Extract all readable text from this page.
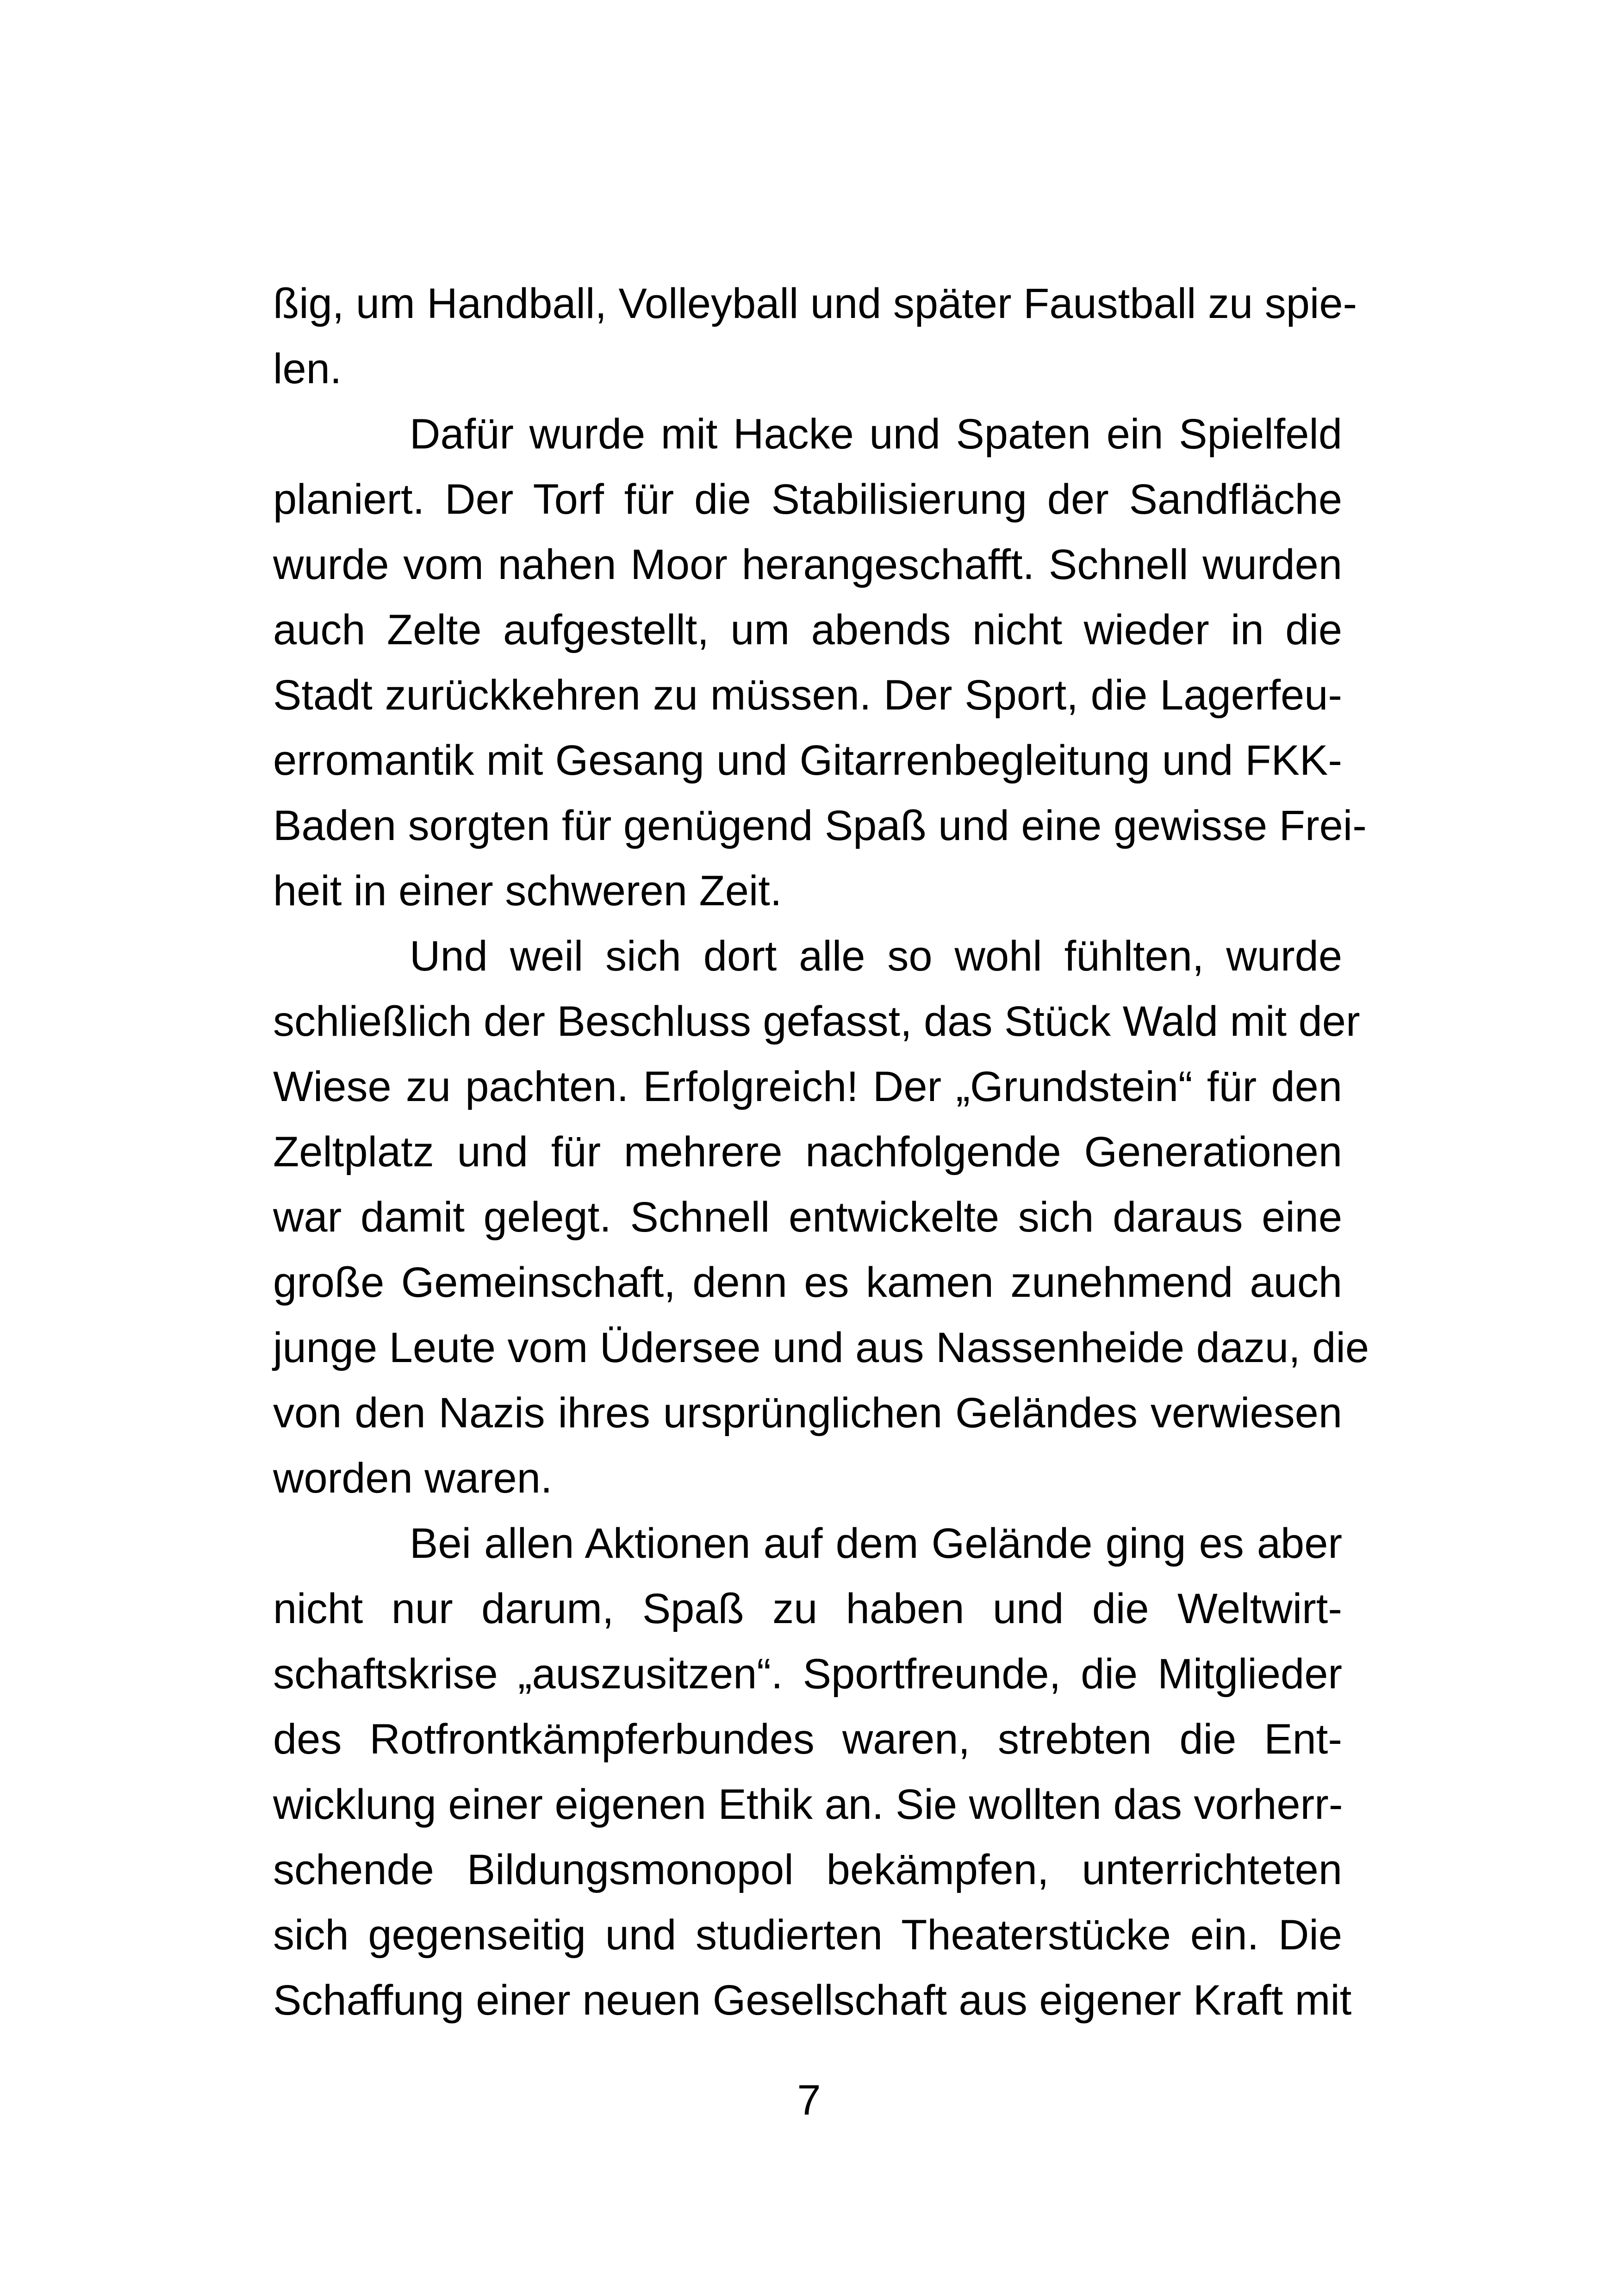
ßig, um Handball, Volleyball und später Faustball zu spie-
len.
Dafür wurde mit Hacke und Spaten ein Spielfeld
planiert. Der Torf für die Stabilisierung der Sandfläche
wurde vom nahen Moor herangeschafft. Schnell wurden
auch Zelte aufgestellt, um abends nicht wieder in die
Stadt zurückkehren zu müssen. Der Sport, die Lagerfeu-
erromantik mit Gesang und Gitarrenbegleitung und FKK-
Baden sorgten für genügend Spaß und eine gewisse Frei-
heit in einer schweren Zeit.
Und weil sich dort alle so wohl fühlten, wurde
schließlich der Beschluss gefasst, das Stück Wald mit der
Wiese zu pachten. Erfolgreich! Der „Grundstein“ für den
Zeltplatz und für mehrere nachfolgende Generationen
war damit gelegt. Schnell entwickelte sich daraus eine
große Gemeinschaft, denn es kamen zunehmend auch
junge Leute vom Üdersee und aus Nassenheide dazu, die
von den Nazis ihres ursprünglichen Geländes verwiesen
worden waren.
Bei allen Aktionen auf dem Gelände ging es aber
nicht nur darum, Spaß zu haben und die Weltwirt-
schaftskrise „auszusitzen“. Sportfreunde, die Mitglieder
des Rotfrontkämpferbundes waren, strebten die Ent-
wicklung einer eigenen Ethik an. Sie wollten das vorherr-
schende Bildungsmonopol bekämpfen, unterrichteten
sich gegenseitig und studierten Theaterstücke ein. Die
Schaffung einer neuen Gesellschaft aus eigener Kraft mit
7
